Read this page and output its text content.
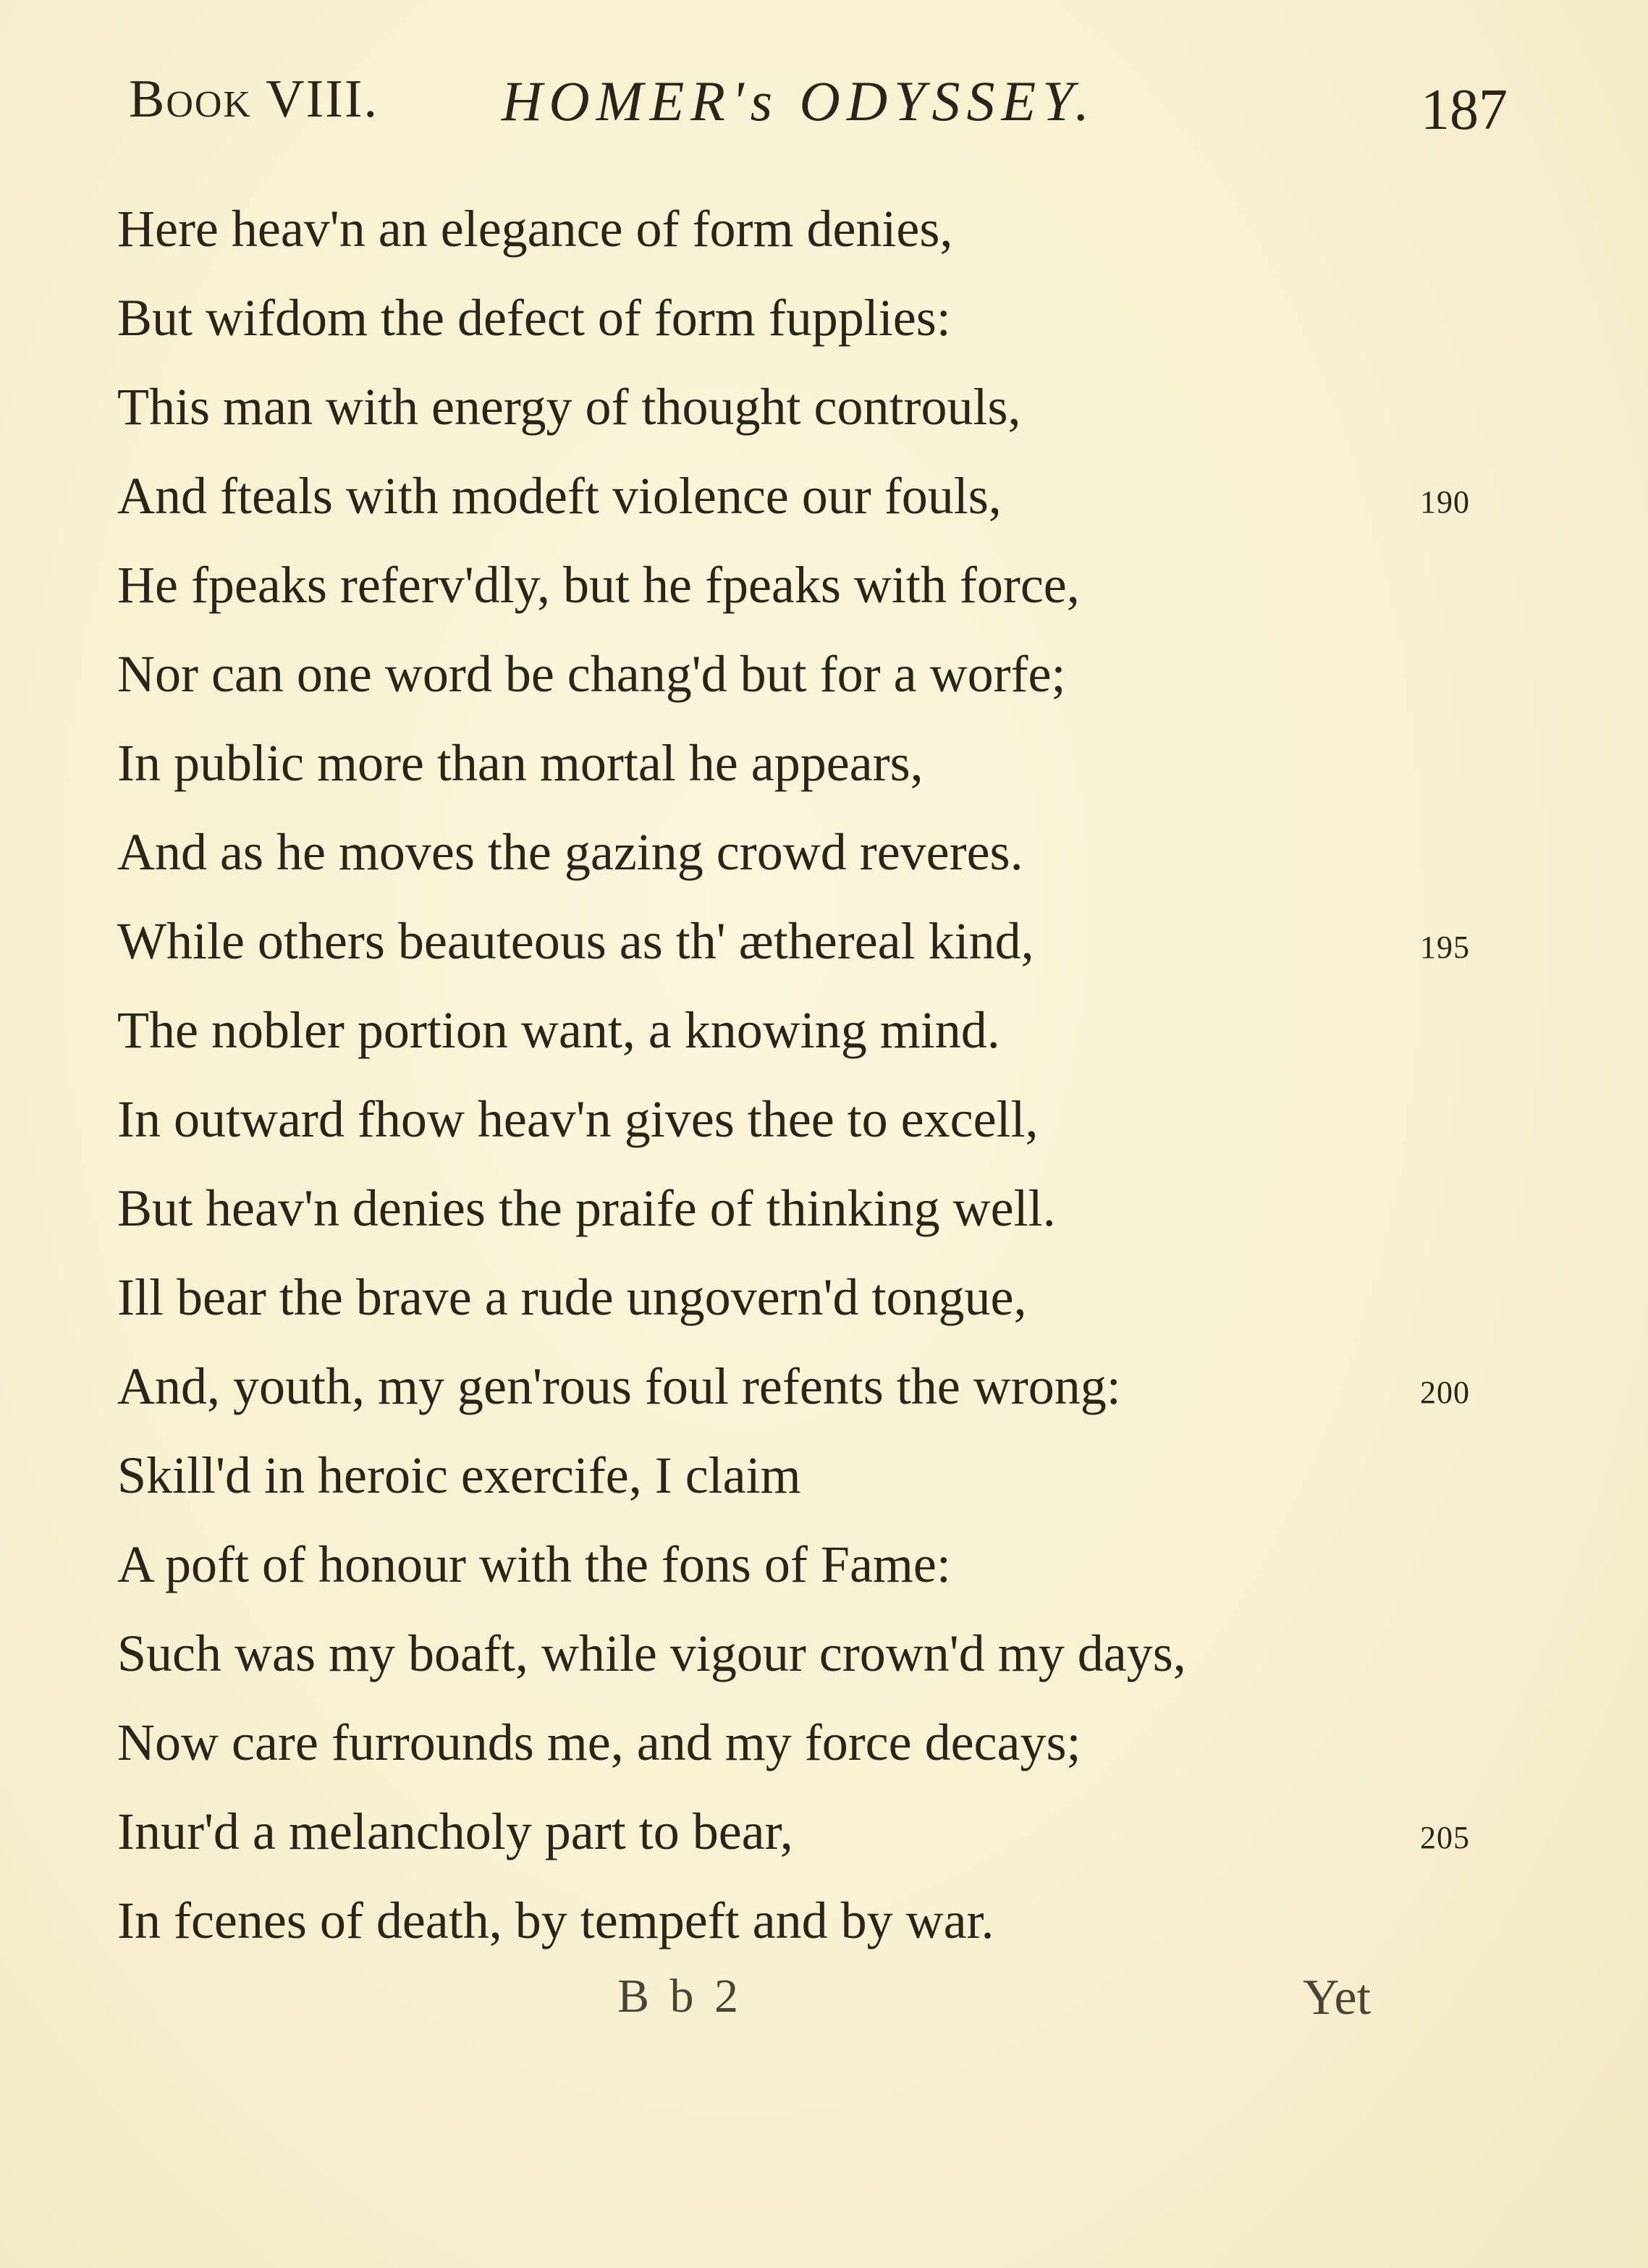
Book VIII. HOMER's ODYSSEY.	187
Here heav'n an elegance of form denies,
But wifdom the defect of form fupplies:
This man with energy of thought controuls,
And fteals with modeft violence our fouls,	190
He fpeaks referv'dly, but he fpeaks with force,
Nor can one word be chang'd but for a worfe;
In public more than mortal he appears,
And as he moves the gazing crowd reveres.
While others beauteous as th' æthereal kind,	195
The nobler portion want, a knowing mind.
In outward fhow heav'n gives thee to excell,
But heav'n denies the praife of thinking well.
Ill bear the brave a rude ungovern'd tongue,
And, youth, my gen'rous foul refents the wrong:	200
Skill'd in heroic exercife, I claim
A poft of honour with the fons of Fame:
Such was my boaft, while vigour crown'd my days,
Now care furrounds me, and my force decays;
Inur'd a melancholy part to bear,	205
In fcenes of death, by tempeft and by war.
B b 2	Yet
